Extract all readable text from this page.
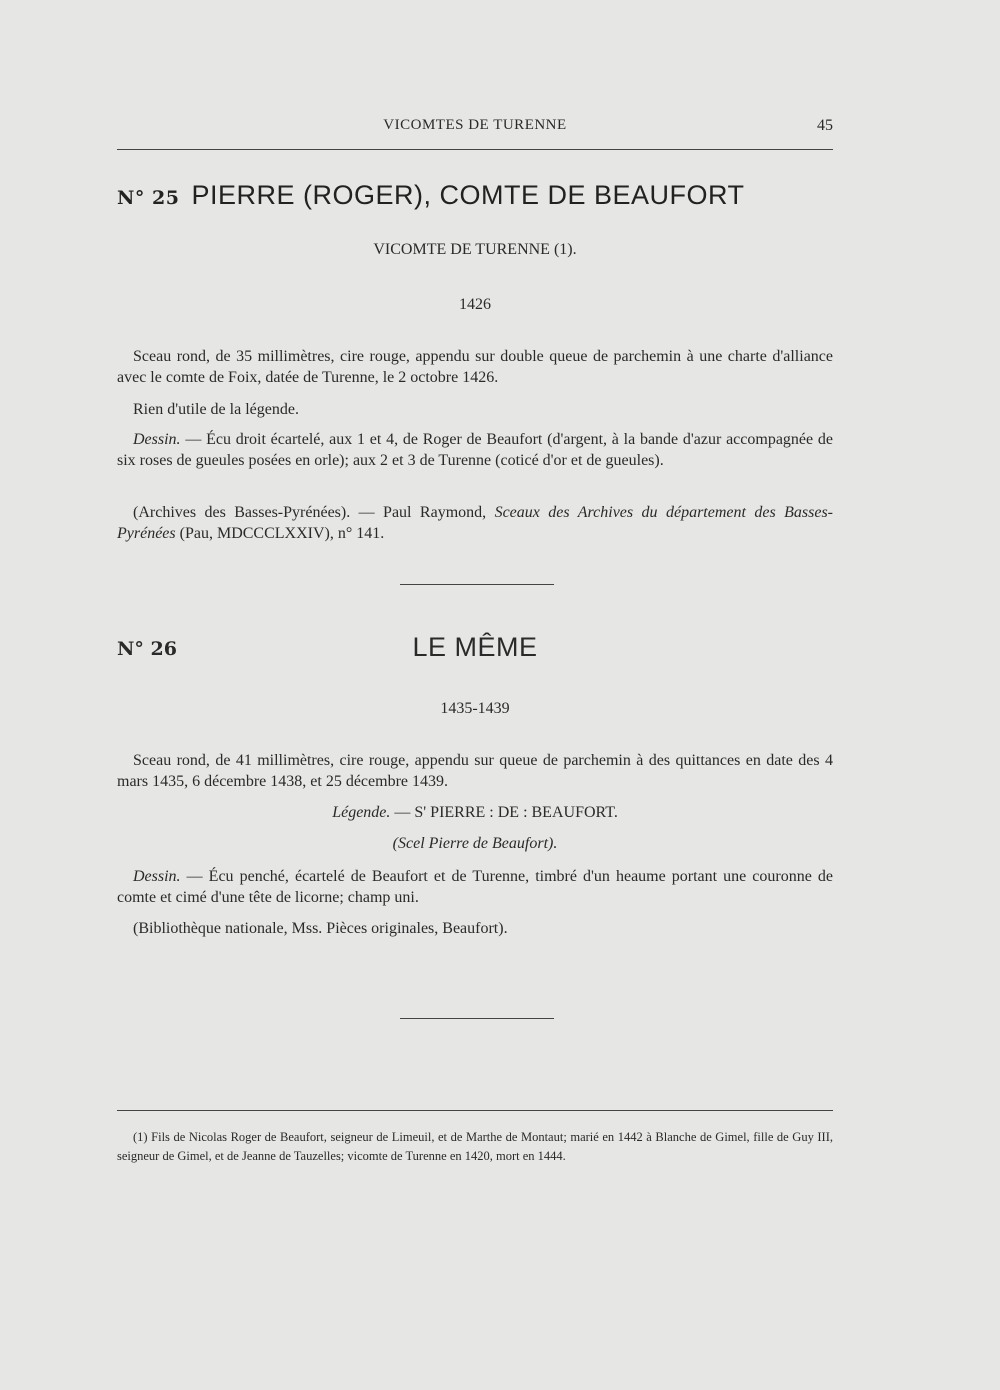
VICOMTES DE TURENNE	45
N° 25 PIERRE (ROGER), COMTE DE BEAUFORT
VICOMTE DE TURENNE (1).
1426
Sceau rond, de 35 millimètres, cire rouge, appendu sur double queue de parchemin à une charte d'alliance avec le comte de Foix, datée de Turenne, le 2 octobre 1426.
Rien d'utile de la légende.
Dessin. — Écu droit écartelé, aux 1 et 4, de Roger de Beaufort (d'argent, à la bande d'azur accompagnée de six roses de gueules posées en orle); aux 2 et 3 de Turenne (coticé d'or et de gueules).
(Archives des Basses-Pyrénées). — Paul Raymond, Sceaux des Archives du département des Basses-Pyrénées (Pau, MDCCCLXXIV), n° 141.
N° 26	LE MÊME
1435-1439
Sceau rond, de 41 millimètres, cire rouge, appendu sur queue de parchemin à des quittances en date des 4 mars 1435, 6 décembre 1438, et 25 décembre 1439.
Légende. — S' PIERRE : DE : BEAUFORT.
(Scel Pierre de Beaufort).
Dessin. — Écu penché, écartelé de Beaufort et de Turenne, timbré d'un heaume portant une couronne de comte et cimé d'une tête de licorne; champ uni.
(Bibliothèque nationale, Mss. Pièces originales, Beaufort).
(1) Fils de Nicolas Roger de Beaufort, seigneur de Limeuil, et de Marthe de Montaut; marié en 1442 à Blanche de Gimel, fille de Guy III, seigneur de Gimel, et de Jeanne de Tauzelles; vicomte de Turenne en 1420, mort en 1444.
